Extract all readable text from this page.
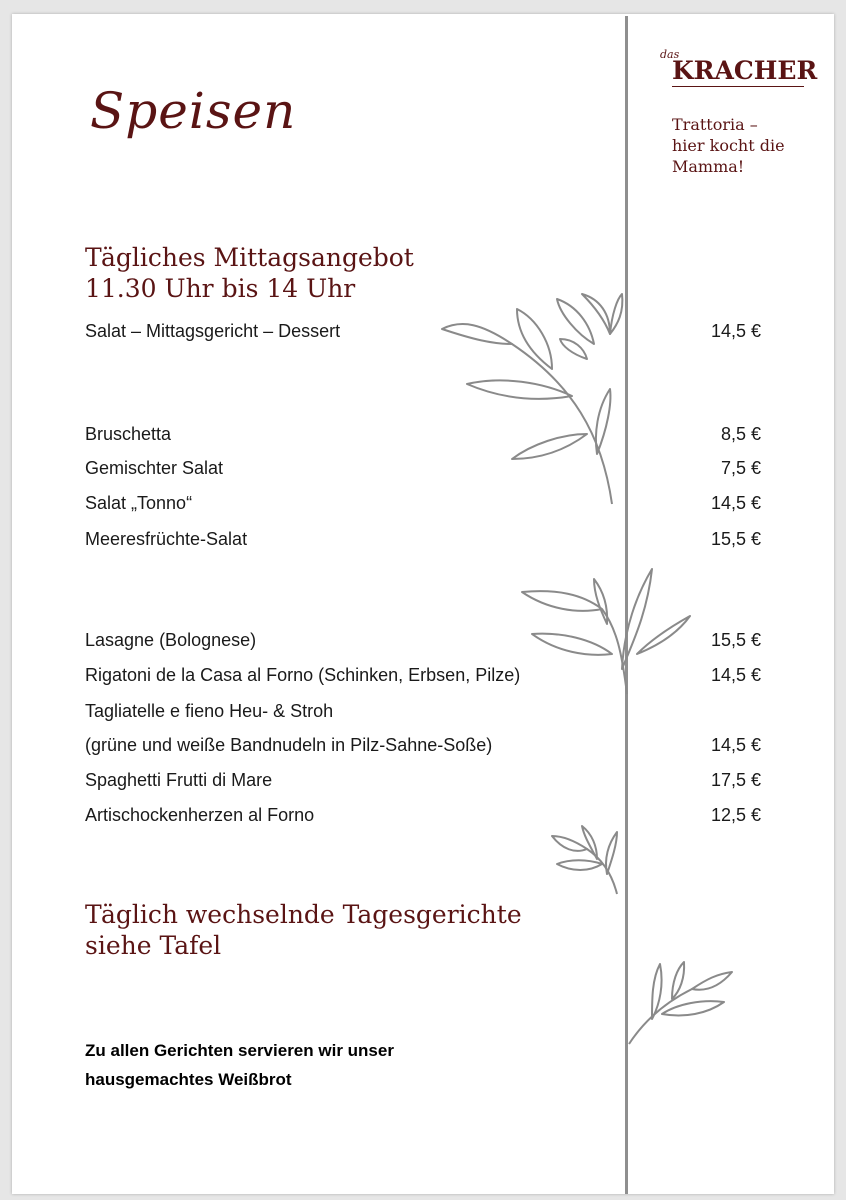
Speisen
das
KRACHER
Trattoria –
hier kocht die
Mamma!
Tägliches Mittagsangebot
11.30 Uhr bis 14 Uhr
Salat – Mittagsgericht – Dessert	14,5 €
Bruschetta	8,5 €
Gemischter Salat	7,5 €
Salat „Tonno“	14,5 €
Meeresfrüchte-Salat	15,5 €
Lasagne (Bolognese)	15,5 €
Rigatoni de la Casa al Forno (Schinken, Erbsen, Pilze)	14,5 €
Tagliatelle e fieno Heu- & Stroh
(grüne und weiße Bandnudeln in Pilz-Sahne-Soße)	14,5 €
Spaghetti Frutti di Mare	17,5 €
Artischockenherzen al Forno	12,5 €
Täglich wechselnde Tagesgerichte
siehe Tafel
Zu allen Gerichten servieren wir unser
hausgemachtes Weißbrot
